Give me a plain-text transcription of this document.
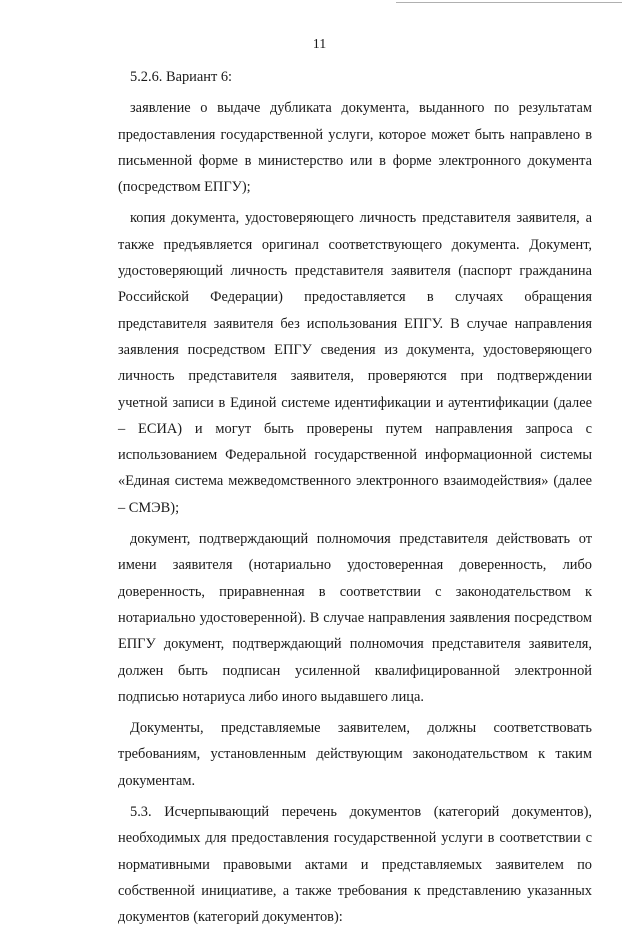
11

5.2.6. Вариант 6:

заявление о выдаче дубликата документа, выданного по результатам предоставления государственной услуги, которое может быть направлено в письменной форме в министерство или в форме электронного документа (посредством ЕПГУ);

копия документа, удостоверяющего личность представителя заявителя, а также предъявляется оригинал соответствующего документа. Документ, удостоверяющий личность представителя заявителя (паспорт гражданина Российской Федерации) предоставляется в случаях обращения представителя заявителя без использования ЕПГУ. В случае направления заявления посредством ЕПГУ сведения из документа, удостоверяющего личность представителя заявителя, проверяются при подтверждении учетной записи в Единой системе идентификации и аутентификации (далее – ЕСИА) и могут быть проверены путем направления запроса с использованием Федеральной государственной информационной системы «Единая система межведомственного электронного взаимодействия» (далее – СМЭВ);

документ, подтверждающий полномочия представителя действовать от имени заявителя (нотариально удостоверенная доверенность, либо доверенность, приравненная в соответствии с законодательством к нотариально удостоверенной). В случае направления заявления посредством ЕПГУ документ, подтверждающий полномочия представителя заявителя, должен быть подписан усиленной квалифицированной электронной подписью нотариуса либо иного выдавшего лица.

Документы, представляемые заявителем, должны соответствовать требованиям, установленным действующим законодательством к таким документам.

5.3. Исчерпывающий перечень документов (категорий документов), необходимых для предоставления государственной услуги в соответствии с нормативными правовыми актами и представляемых заявителем по собственной инициативе, а также требования к представлению указанных документов (категорий документов):
